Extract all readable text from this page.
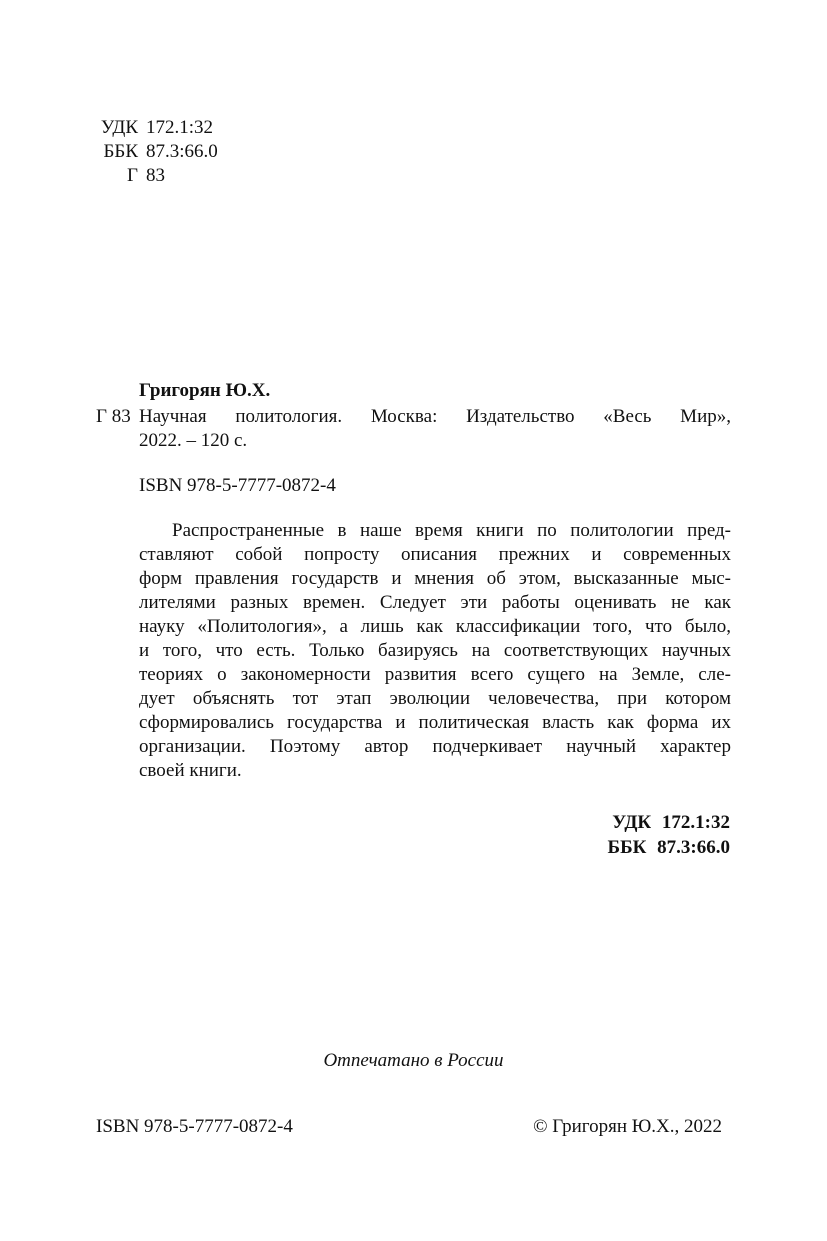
УДК 172.1:32
ББК 87.3:66.0
Г 83
Григорян Ю.Х.
Г 83 Научная политология. Москва: Издательство «Весь Мир»,
2022. – 120 с.
ISBN 978-5-7777-0872-4
Распространенные в наше время книги по политологии пред-
ставляют собой попросту описания прежних и современных
форм правления государств и мнения об этом, высказанные мыс-
лителями разных времен. Следует эти работы оценивать не как
науку «Политология», а лишь как классификации того, что было,
и того, что есть. Только базируясь на соответствующих научных
теориях о закономерности развития всего сущего на Земле, сле-
дует объяснять тот этап эволюции человечества, при котором
сформировались государства и политическая власть как форма их
организации. Поэтому автор подчеркивает научный характер
своей книги.
УДК 172.1:32
ББК 87.3:66.0
Отпечатано в России
ISBN 978-5-7777-0872-4	© Григорян Ю.Х., 2022
